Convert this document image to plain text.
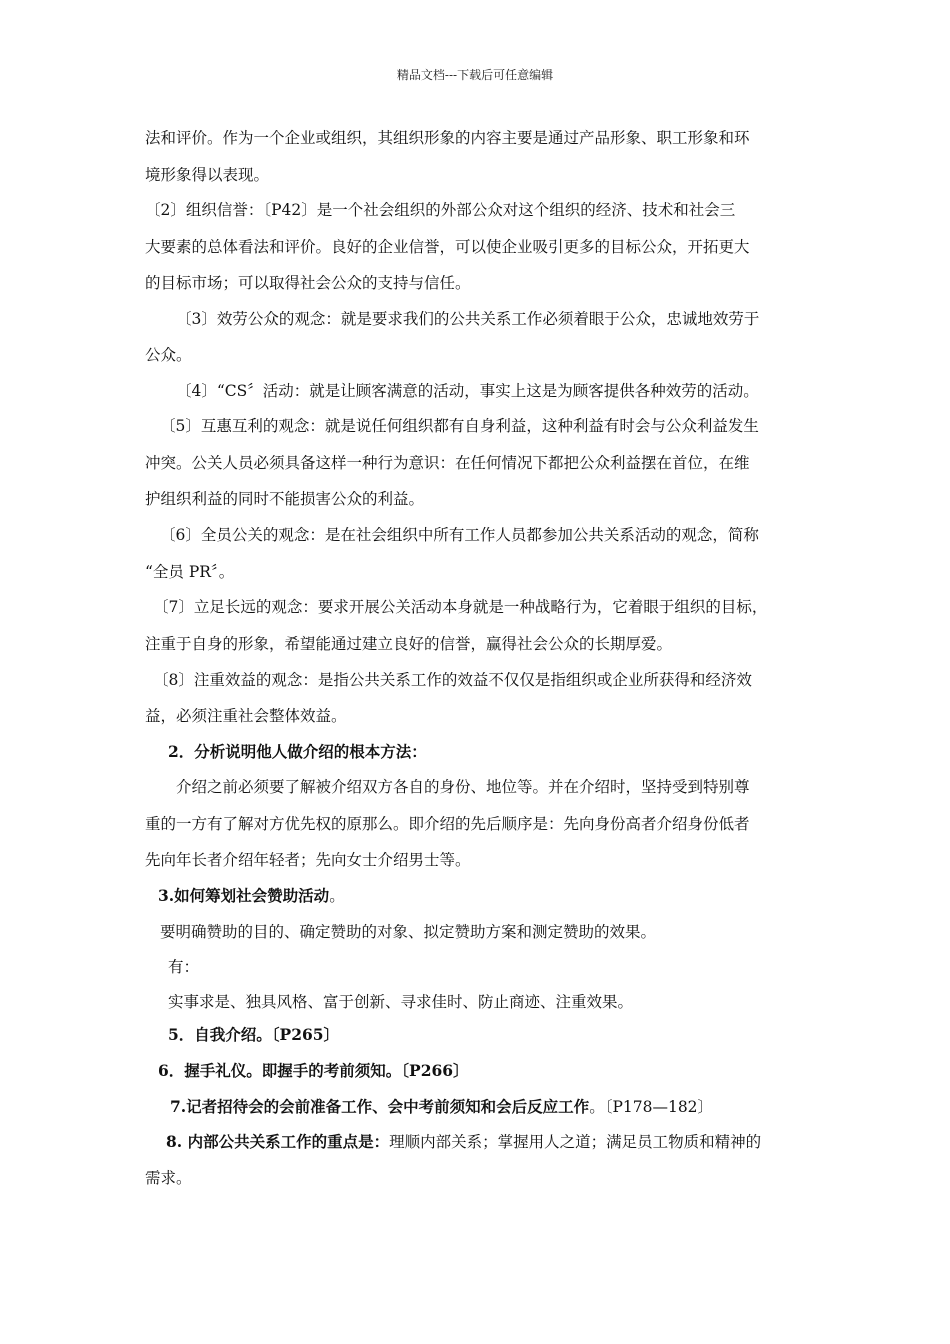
精品文档---下载后可任意编辑
法和评价。作为一个企业或组织，其组织形象的内容主要是通过产品形象、职工形象和环
境形象得以表现。
〔2〕组织信誉：〔P42〕是一个社会组织的外部公众对这个组织的经济、技术和社会三
大要素的总体看法和评价。良好的企业信誉，可以使企业吸引更多的目标公众，开拓更大
的目标市场；可以取得社会公众的支持与信任。
〔3〕效劳公众的观念：就是要求我们的公共关系工作必须着眼于公众，忠诚地效劳于
公众。
〔4〕“CS〞活动：就是让顾客满意的活动，事实上这是为顾客提供各种效劳的活动。
〔5〕互惠互利的观念：就是说任何组织都有自身利益，这种利益有时会与公众利益发生
冲突。公关人员必须具备这样一种行为意识：在任何情况下都把公众利益摆在首位，在维
护组织利益的同时不能损害公众的利益。
〔6〕全员公关的观念：是在社会组织中所有工作人员都参加公共关系活动的观念，简称
“全员 PR〞。
〔7〕立足长远的观念：要求开展公关活动本身就是一种战略行为，它着眼于组织的目标，
注重于自身的形象，希望能通过建立良好的信誉，赢得社会公众的长期厚爱。
〔8〕注重效益的观念：是指公共关系工作的效益不仅仅是指组织或企业所获得和经济效
益，必须注重社会整体效益。
2．分析说明他人做介绍的根本方法：
介绍之前必须要了解被介绍双方各自的身份、地位等。并在介绍时，坚持受到特别尊
重的一方有了解对方优先权的原那么。即介绍的先后顺序是：先向身份高者介绍身份低者
先向年长者介绍年轻者；先向女士介绍男士等。
3.如何筹划社会赞助活动。
要明确赞助的目的、确定赞助的对象、拟定赞助方案和测定赞助的效果。
有：
实事求是、独具风格、富于创新、寻求佳时、防止商迹、注重效果。
5．自我介绍。〔P265〕
6．握手礼仪。即握手的考前须知。〔P266〕
7.记者招待会的会前准备工作、会中考前须知和会后反应工作。〔P178—182〕
8. 内部公共关系工作的重点是：理顺内部关系；掌握用人之道；满足员工物质和精神的
需求。
